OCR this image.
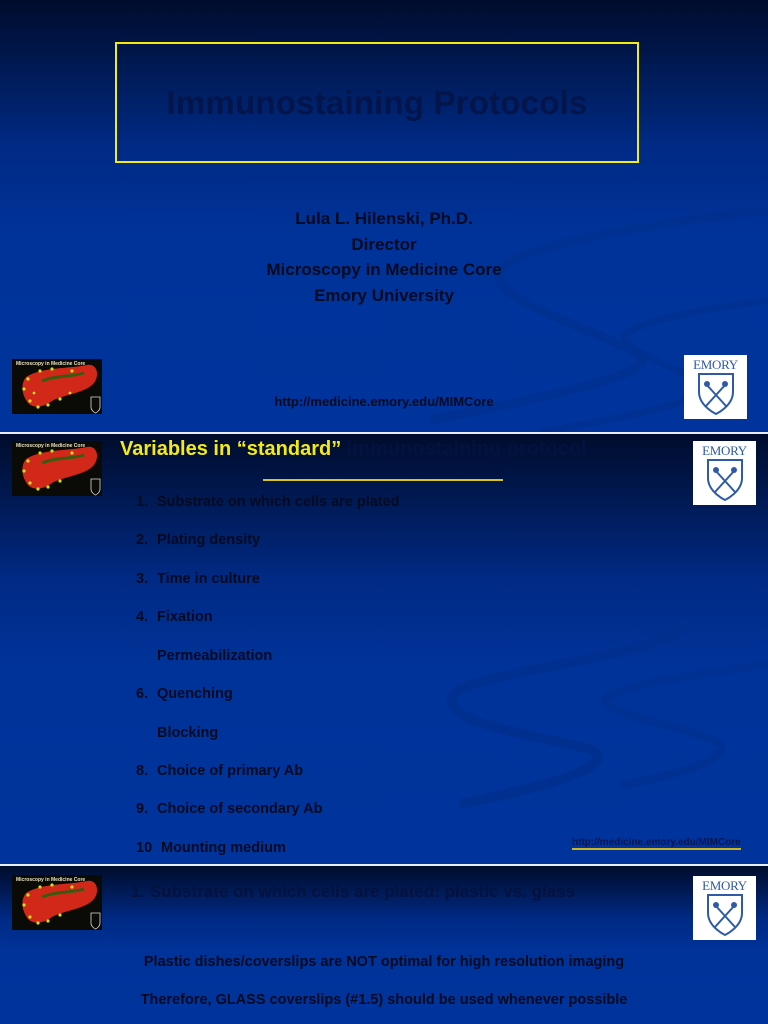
Immunostaining Protocols
Lula L. Hilenski, Ph.D.
Director
Microscopy in Medicine Core
Emory University
Microscopy in Medicine Core
http://medicine.emory.edu/MIMCore
EMORY
Microscopy in Medicine Core Variables in “standard” immunostaining protocol
2-step or indirect immunofluorescence
1. Substrate on which cells are plated
2. Plating density
3. Time in culture
4. Fixation
Permeabilization
6. Quenching
Blocking
8. Choice of primary Ab
9. Choice of secondary Ab
10 Mounting medium	http://medicine.emory.edu/MIMCore
EMORY
Microscopy in Medicine Core
1. Substrate on which cells are plated: plastic vs. glass
Plastic dishes/coverslips are NOT optimal for high resolution imaging
Therefore, GLASS coverslips (#1.5) should be used whenever possible
EMORY
